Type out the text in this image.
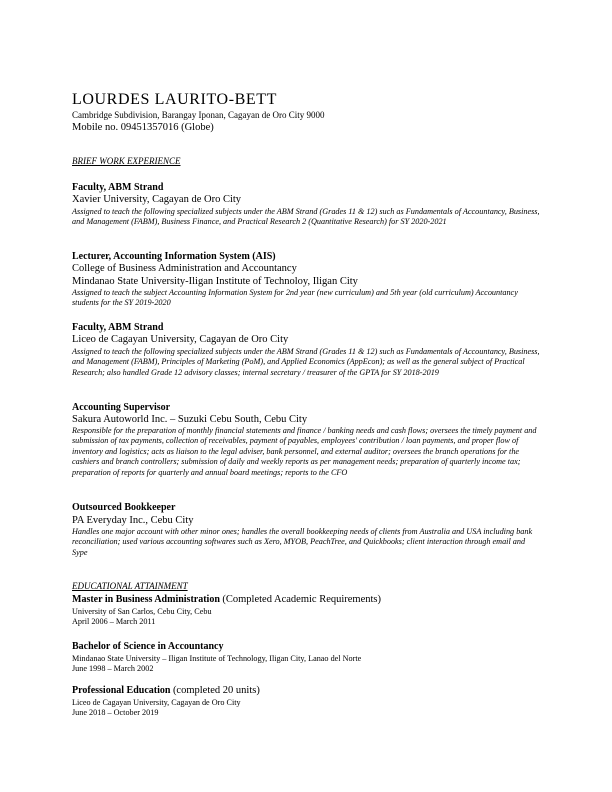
LOURDES LAURITO-BETT
Cambridge Subdivision, Barangay Iponan, Cagayan de Oro City 9000
Mobile no. 09451357016 (Globe)
BRIEF WORK EXPERIENCE
Faculty, ABM Strand
Xavier University, Cagayan de Oro City
Assigned to teach the following specialized subjects under the ABM Strand (Grades 11 & 12) such as Fundamentals of Accountancy, Business, and Management (FABM), Business Finance, and Practical Research 2 (Quantitative Research) for SY 2020-2021
Lecturer, Accounting Information System (AIS)
College of Business Administration and Accountancy
Mindanao State University-Iligan Institute of Technoloy, Iligan City
Assigned to teach the subject Accounting Information System for 2nd year (new curriculum) and 5th year (old curriculum) Accountancy students for the SY 2019-2020
Faculty, ABM Strand
Liceo de Cagayan University, Cagayan de Oro City
Assigned to teach the following specialized subjects under the ABM Strand (Grades 11 & 12) such as Fundamentals of Accountancy, Business, and Management (FABM), Principles of Marketing (PoM), and Applied Economics (AppEcon); as well as the general subject of Practical Research; also handled Grade 12 advisory classes; internal secretary / treasurer of the GPTA for SY 2018-2019
Accounting Supervisor
Sakura Autoworld Inc. – Suzuki Cebu South, Cebu City
Responsible for the preparation of monthly financial statements and finance / banking needs and cash flows; oversees the timely payment and submission of tax payments, collection of receivables, payment of payables, employees' contribution / loan payments, and proper flow of inventory and logistics; acts as liaison to the legal adviser, bank personnel, and external auditor; oversees the branch operations for the cashiers and branch controllers; submission of daily and weekly reports as per management needs; preparation of quarterly income tax; preparation of reports for quarterly and annual board meetings; reports to the CFO
Outsourced Bookkeeper
PA Everyday Inc., Cebu City
Handles one major account with other minor ones; handles the overall bookkeeping needs of clients from Australia and USA including bank reconciliation; used various accounting softwares such as Xero, MYOB, PeachTree, and Quickbooks; client interaction through email and Sype
EDUCATIONAL ATTAINMENT
Master in Business Administration (Completed Academic Requirements)
University of San Carlos, Cebu City, Cebu
April 2006 – March 2011
Bachelor of Science in Accountancy
Mindanao State University – Iligan Institute of Technology, Iligan City, Lanao del Norte
June 1998 – March 2002
Professional Education (completed 20 units)
Liceo de Cagayan University, Cagayan de Oro City
June 2018 – October 2019
